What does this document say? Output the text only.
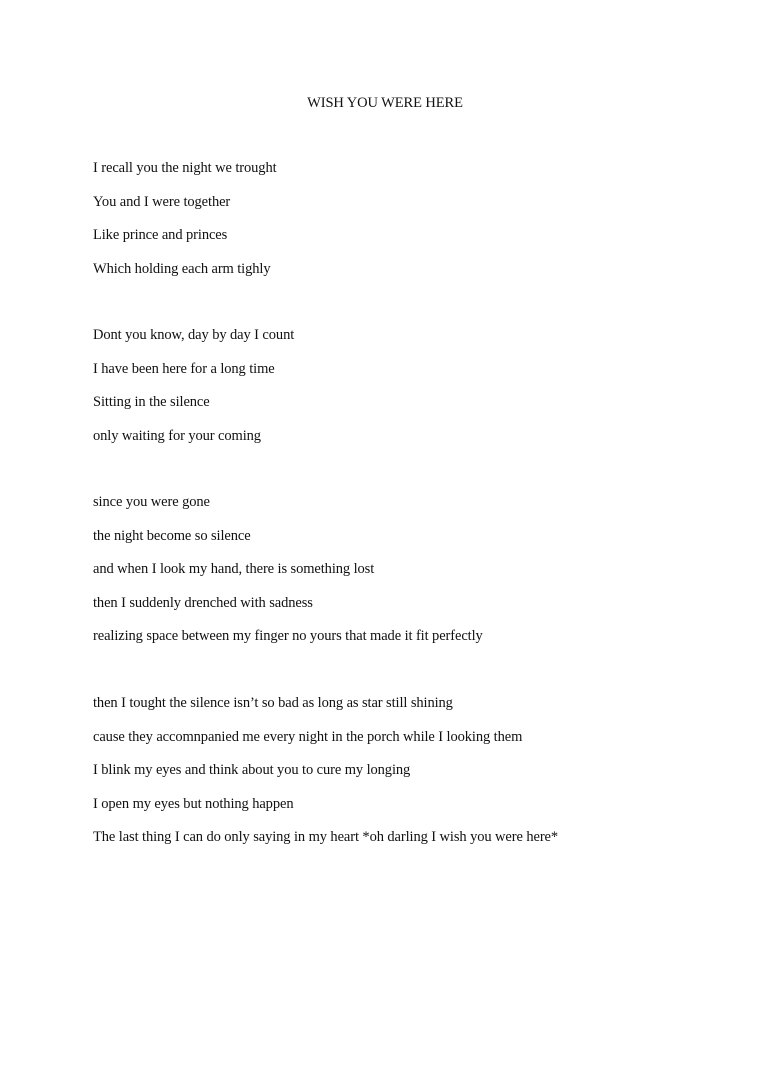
WISH YOU WERE HERE
I recall you the night we trought
You and I were together
Like prince and princes
Which holding each arm tighly
Dont you know, day by day I count
I have been here for a long time
Sitting in the silence
only waiting for your coming
since you were gone
the night become so silence
and when I look my hand, there is something lost
then I suddenly drenched with sadness
realizing space between my finger no yours that made it fit perfectly
then I tought the silence isn’t so bad as long as star still shining
cause they accomnpanied me every night in the porch while I looking them
I blink my eyes and think about you to cure my longing
I open my eyes but nothing happen
The last thing I can do only saying in my heart *oh darling I wish you were here*
